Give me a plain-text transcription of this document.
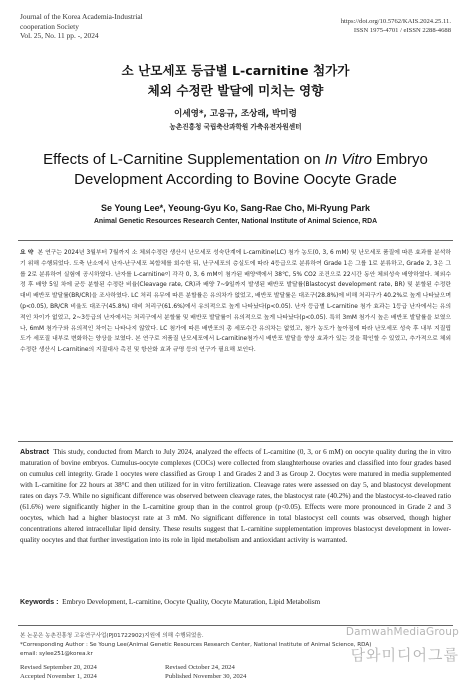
Journal of the Korea Academia-Industrial
cooperation Society
Vol. 25, No. 11 pp. -, 2024
https://doi.org/10.5762/KAIS.2024.25.11.
ISSN 1975-4701 / eISSN 2288-4688
소 난모세포 등급별 L-carnitine 첨가가
체외 수정란 발달에 미치는 영향
이세영*, 고응규, 조상래, 박미령
농촌진흥청 국립축산과학원 가축유전자원센터
Effects of L-Carnitine Supplementation on In Vitro Embryo
Development According to Bovine Oocyte Grade
Se Young Lee*, Yeoung-Gyu Ko, Sang-Rae Cho, Mi-Ryung Park
Animal Genetic Resources Research Center, National Institute of Animal Science, RDA
요 약 본 연구는 2024년 3월부터 7월까지 소 체외수정란 생산시 난모세포 성숙단계에 L-carnitine(LC) 첨가 농도(0, 3, 6 mM) 및 난모세포 품질에 따른 효과를 분석하기 위해 수행되었다. 도축 난소에서 난자-난구세포 복합체를 회수한 뒤, 난구세포의 층실도에 따라 4등급으로 분류하여 Grade 1은 그룹 1로 분류하고, Grade 2, 3은 그룹 2로 분류하여 실험에 공시하였다. 난자를 L-carnitine이 각각 0, 3, 6 mM이 첨가된 배양액에서 38℃, 5% CO2 조건으로 22시간 동안 체외성숙 배양하였다. 체외수정 후 배양 5일 차에 균등 분할된 수정란 비율(Cleavage rate, CR)과 배양 7~9일까지 발생된 배반포 발달률(Blastocyst development rate, BR) 및 분할된 수정란 대비 배반포 발달률(BR/CR)을 조사하였다. LC 처리 유무에 따른 분할률은 유의차가 없었고, 배반포 발달률은 대조구(28.8%)에 비해 처리구가 40.2%로 높게 나타났으며(p<0.05), BR/CR 비율도 대조구(45.8%) 대비 처리구(61.6%)에서 유의적으로 높게 나타났다(p<0.05). 난자 등급별 L-carnitine 첨가 효과는 1등급 난자에서는 유의적인 차이가 없었고, 2~3등급의 난자에서는 처리구에서 분할률 및 배반포 발달률이 유의적으로 높게 나타났다(p<0.05). 특히 3mM 첨가시 높은 배반포 발달률을 보였으나, 6mM 첨가구와 유의적인 차이는 나타나지 않았다. LC 첨가에 따른 배반포의 총 세포수간 유의차는 없었고, 첨가 농도가 높아짐에 따라 난모세포 성숙 후 내부 지질립도가 세포질 내부로 변화하는 양상을 보였다. 본 연구로 저품질 난모세포에서 L-carnitine첨가시 배반포 발달을 향상 효과가 있는 것을 확인할 수 있었고, 추가적으로 체외수정란 생산시 L-carnitine의 지질대사 촉진 및 항산화 효과 규명 등의 연구가 필요해 보인다.
Abstract This study, conducted from March to July 2024, analyzed the effects of L-carnitine (0, 3, or 6 mM) on oocyte quality during the in vitro maturation of bovine embryos. Cumulus-oocyte complexes (COCs) were collected from slaughterhouse ovaries and classified into four grades based on cumulus cell integrity. Grade 1 oocytes were classified as Group 1 and Grades 2 and 3 as Group 2. Oocytes were matured in media supplemented with L-carnitine for 22 hours at 38°C and then utilized for in vitro fertilization. Cleavage rates were assessed on day 5, and blastocyst development rates on days 7-9. While no significant difference was observed between cleavage rates, the blastocyst rate (40.2%) and the blastocyst-to-cleaved ratio (61.6%) were significantly higher in the L-carnitine group than in the control group (p<0.05). Effects were more pronounced in Grade 2 and 3 oocytes, which had a higher blastocyst rate at 3 mM. No significant difference in total blastocyst cell counts was observed, though higher concentrations altered intracellular lipid density. These results suggest that L-carnitine supplementation improves blastocyst development in lower-quality oocytes and that further investigation into its role in lipid metabolism and antioxidant activity is warranted.
Keywords : Embryo Development, L-carnitine, Oocyte Quality, Oocyte Maturation, Lipid Metabolism
본 논문은 농촌진흥청 고유연구사업(PJ01722902)지원에 의해 수행되었음.
*Corresponding Author : Se Young Lee(Animal Genetic Resources Research Center, National Institute of Animal Science, RDA)
email: sylee251@korea.kr
Revised September 20, 2024
Accepted November 1, 2024
Revised October 24, 2024
Published November 30, 2024
DamwahMediaGroup
담와미디어그룹
